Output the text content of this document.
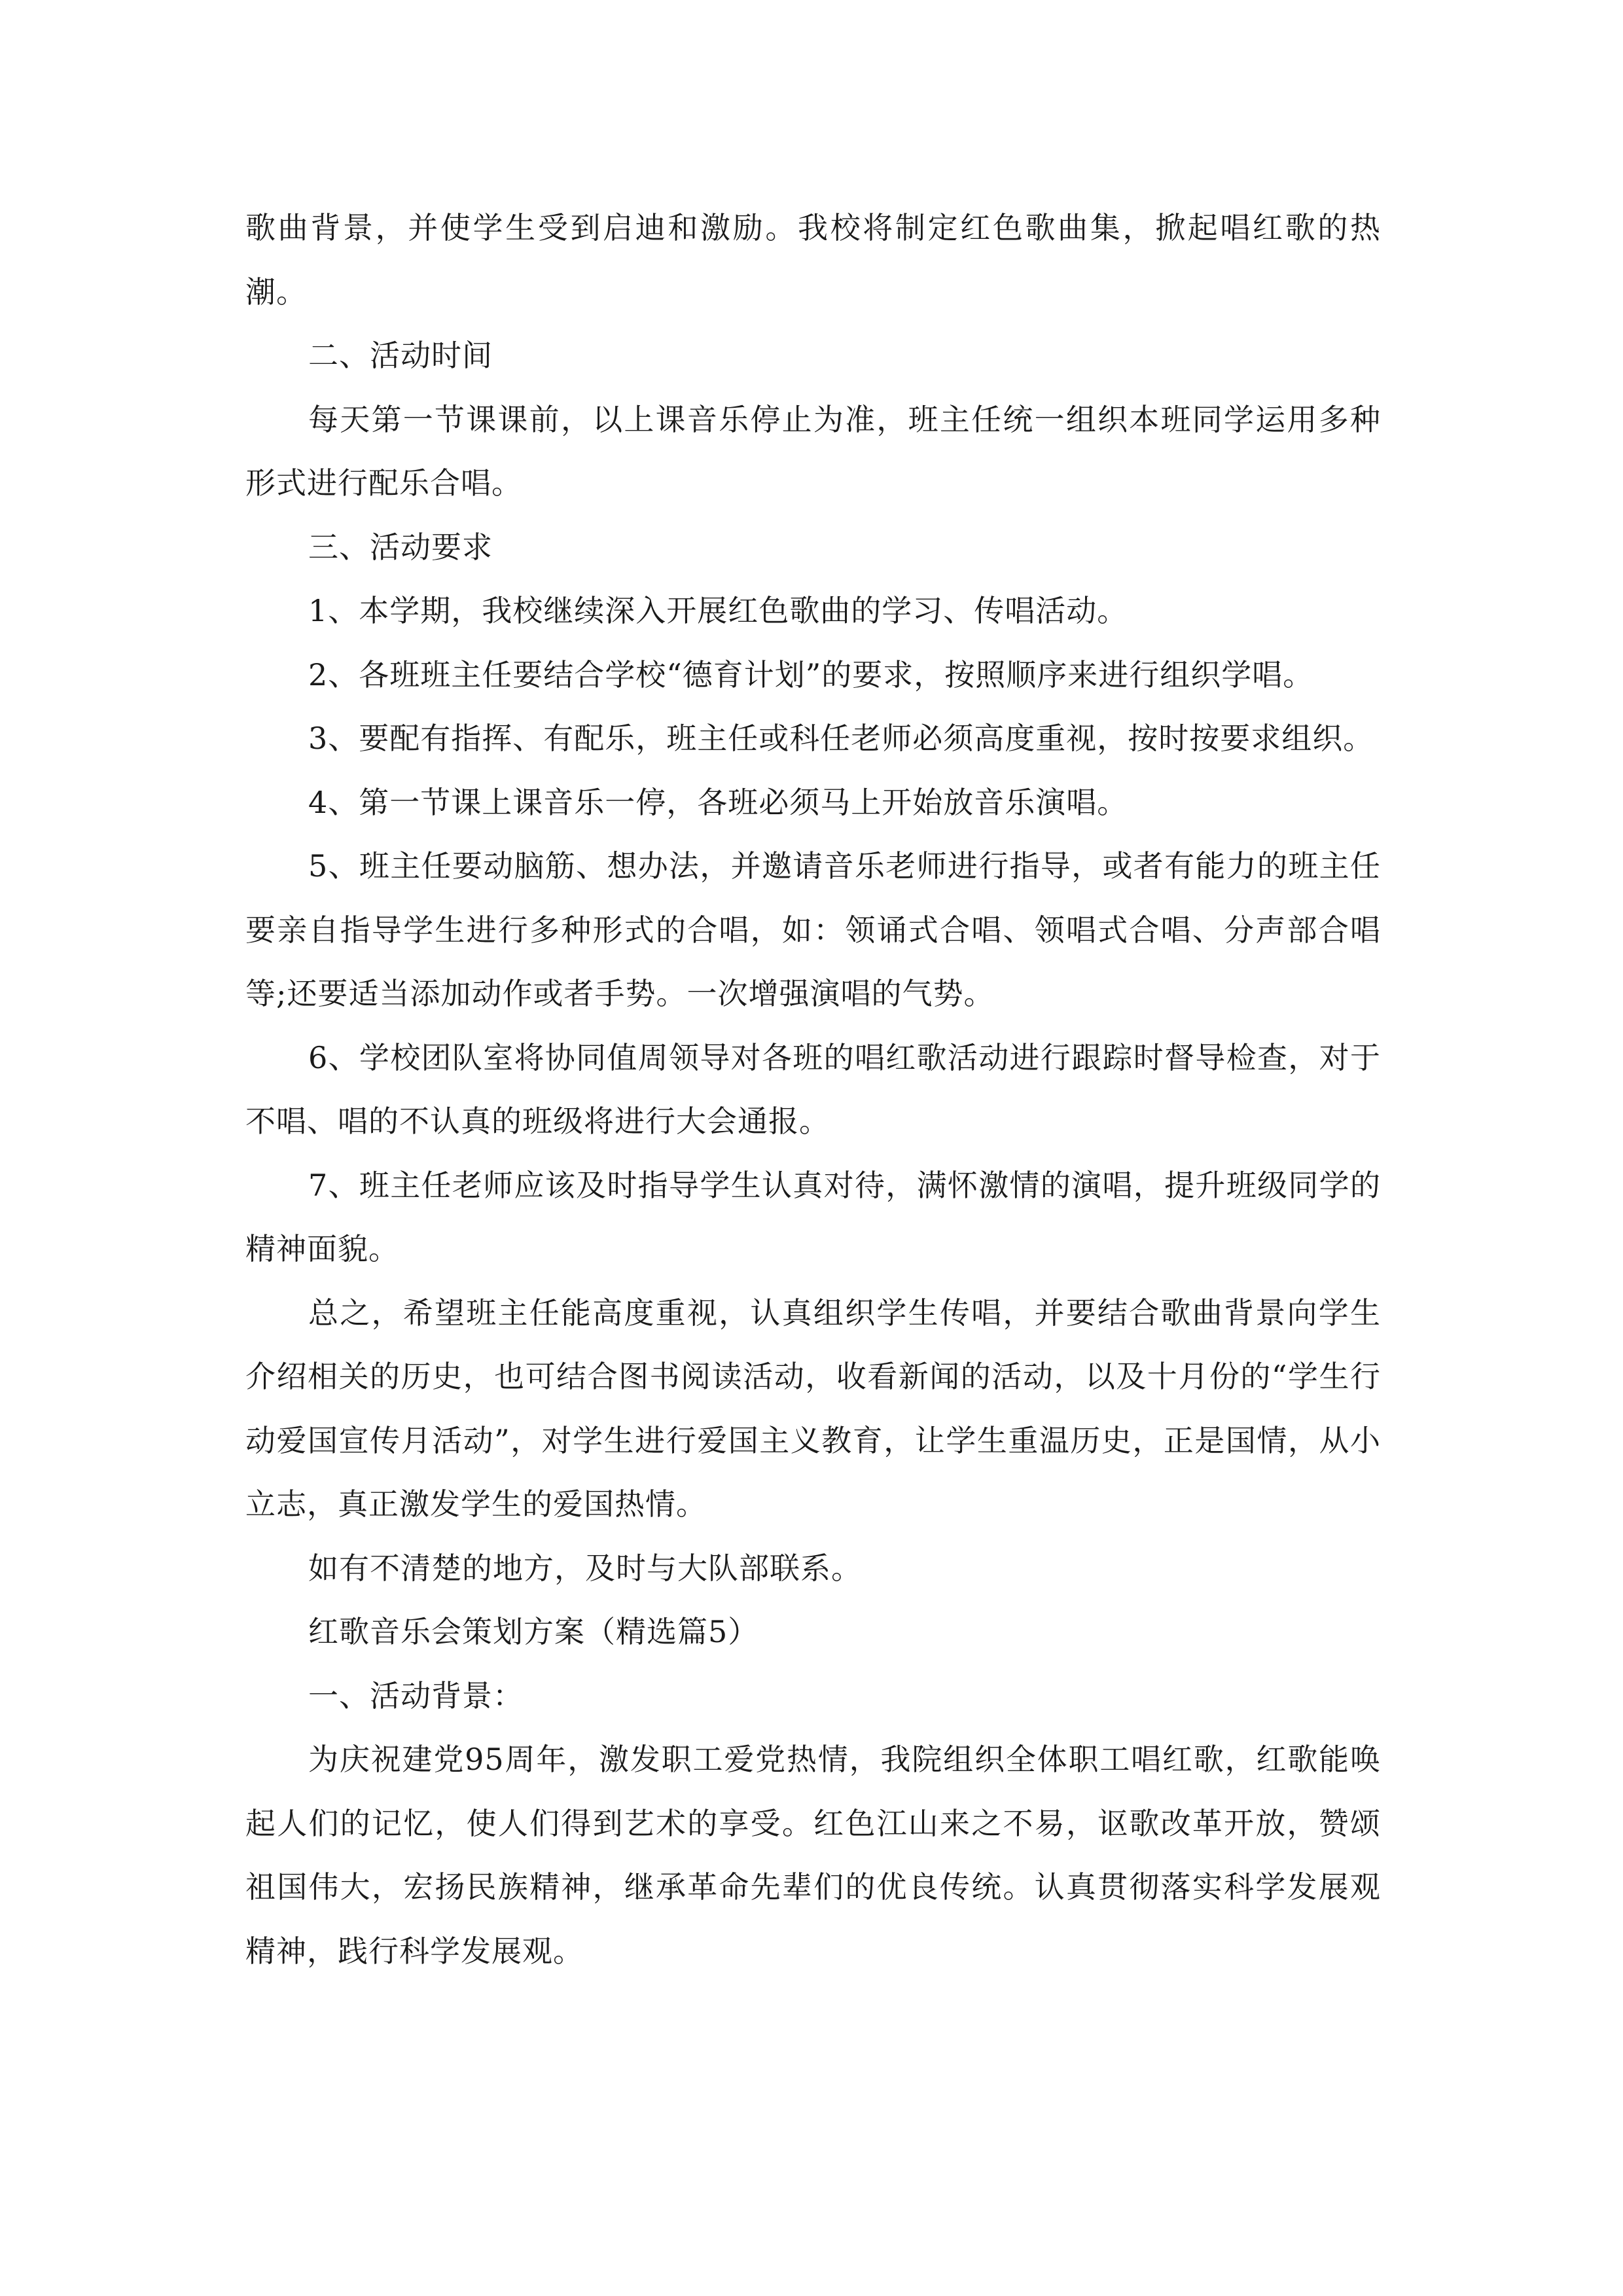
歌曲背景，并使学生受到启迪和激励。我校将制定红色歌曲集，掀起唱红歌的热潮。

二、活动时间

每天第一节课课前，以上课音乐停止为准，班主任统一组织本班同学运用多种形式进行配乐合唱。

三、活动要求

1、本学期，我校继续深入开展红色歌曲的学习、传唱活动。

2、各班班主任要结合学校“德育计划”的要求，按照顺序来进行组织学唱。

3、要配有指挥、有配乐，班主任或科任老师必须高度重视，按时按要求组织。

4、第一节课上课音乐一停，各班必须马上开始放音乐演唱。

5、班主任要动脑筋、想办法，并邀请音乐老师进行指导，或者有能力的班主任要亲自指导学生进行多种形式的合唱，如：领诵式合唱、领唱式合唱、分声部合唱等;还要适当添加动作或者手势。一次增强演唱的气势。

6、学校团队室将协同值周领导对各班的唱红歌活动进行跟踪时督导检查，对于不唱、唱的不认真的班级将进行大会通报。

7、班主任老师应该及时指导学生认真对待，满怀激情的演唱，提升班级同学的精神面貌。

总之，希望班主任能高度重视，认真组织学生传唱，并要结合歌曲背景向学生介绍相关的历史，也可结合图书阅读活动，收看新闻的活动，以及十月份的“学生行动爱国宣传月活动”，对学生进行爱国主义教育，让学生重温历史，正是国情，从小立志，真正激发学生的爱国热情。

如有不清楚的地方，及时与大队部联系。

红歌音乐会策划方案（精选篇5）

一、活动背景：

为庆祝建党95周年，激发职工爱党热情，我院组织全体职工唱红歌，红歌能唤起人们的记忆，使人们得到艺术的享受。红色江山来之不易，讴歌改革开放，赞颂祖国伟大，宏扬民族精神，继承革命先辈们的优良传统。认真贯彻落实科学发展观精神，践行科学发展观。
